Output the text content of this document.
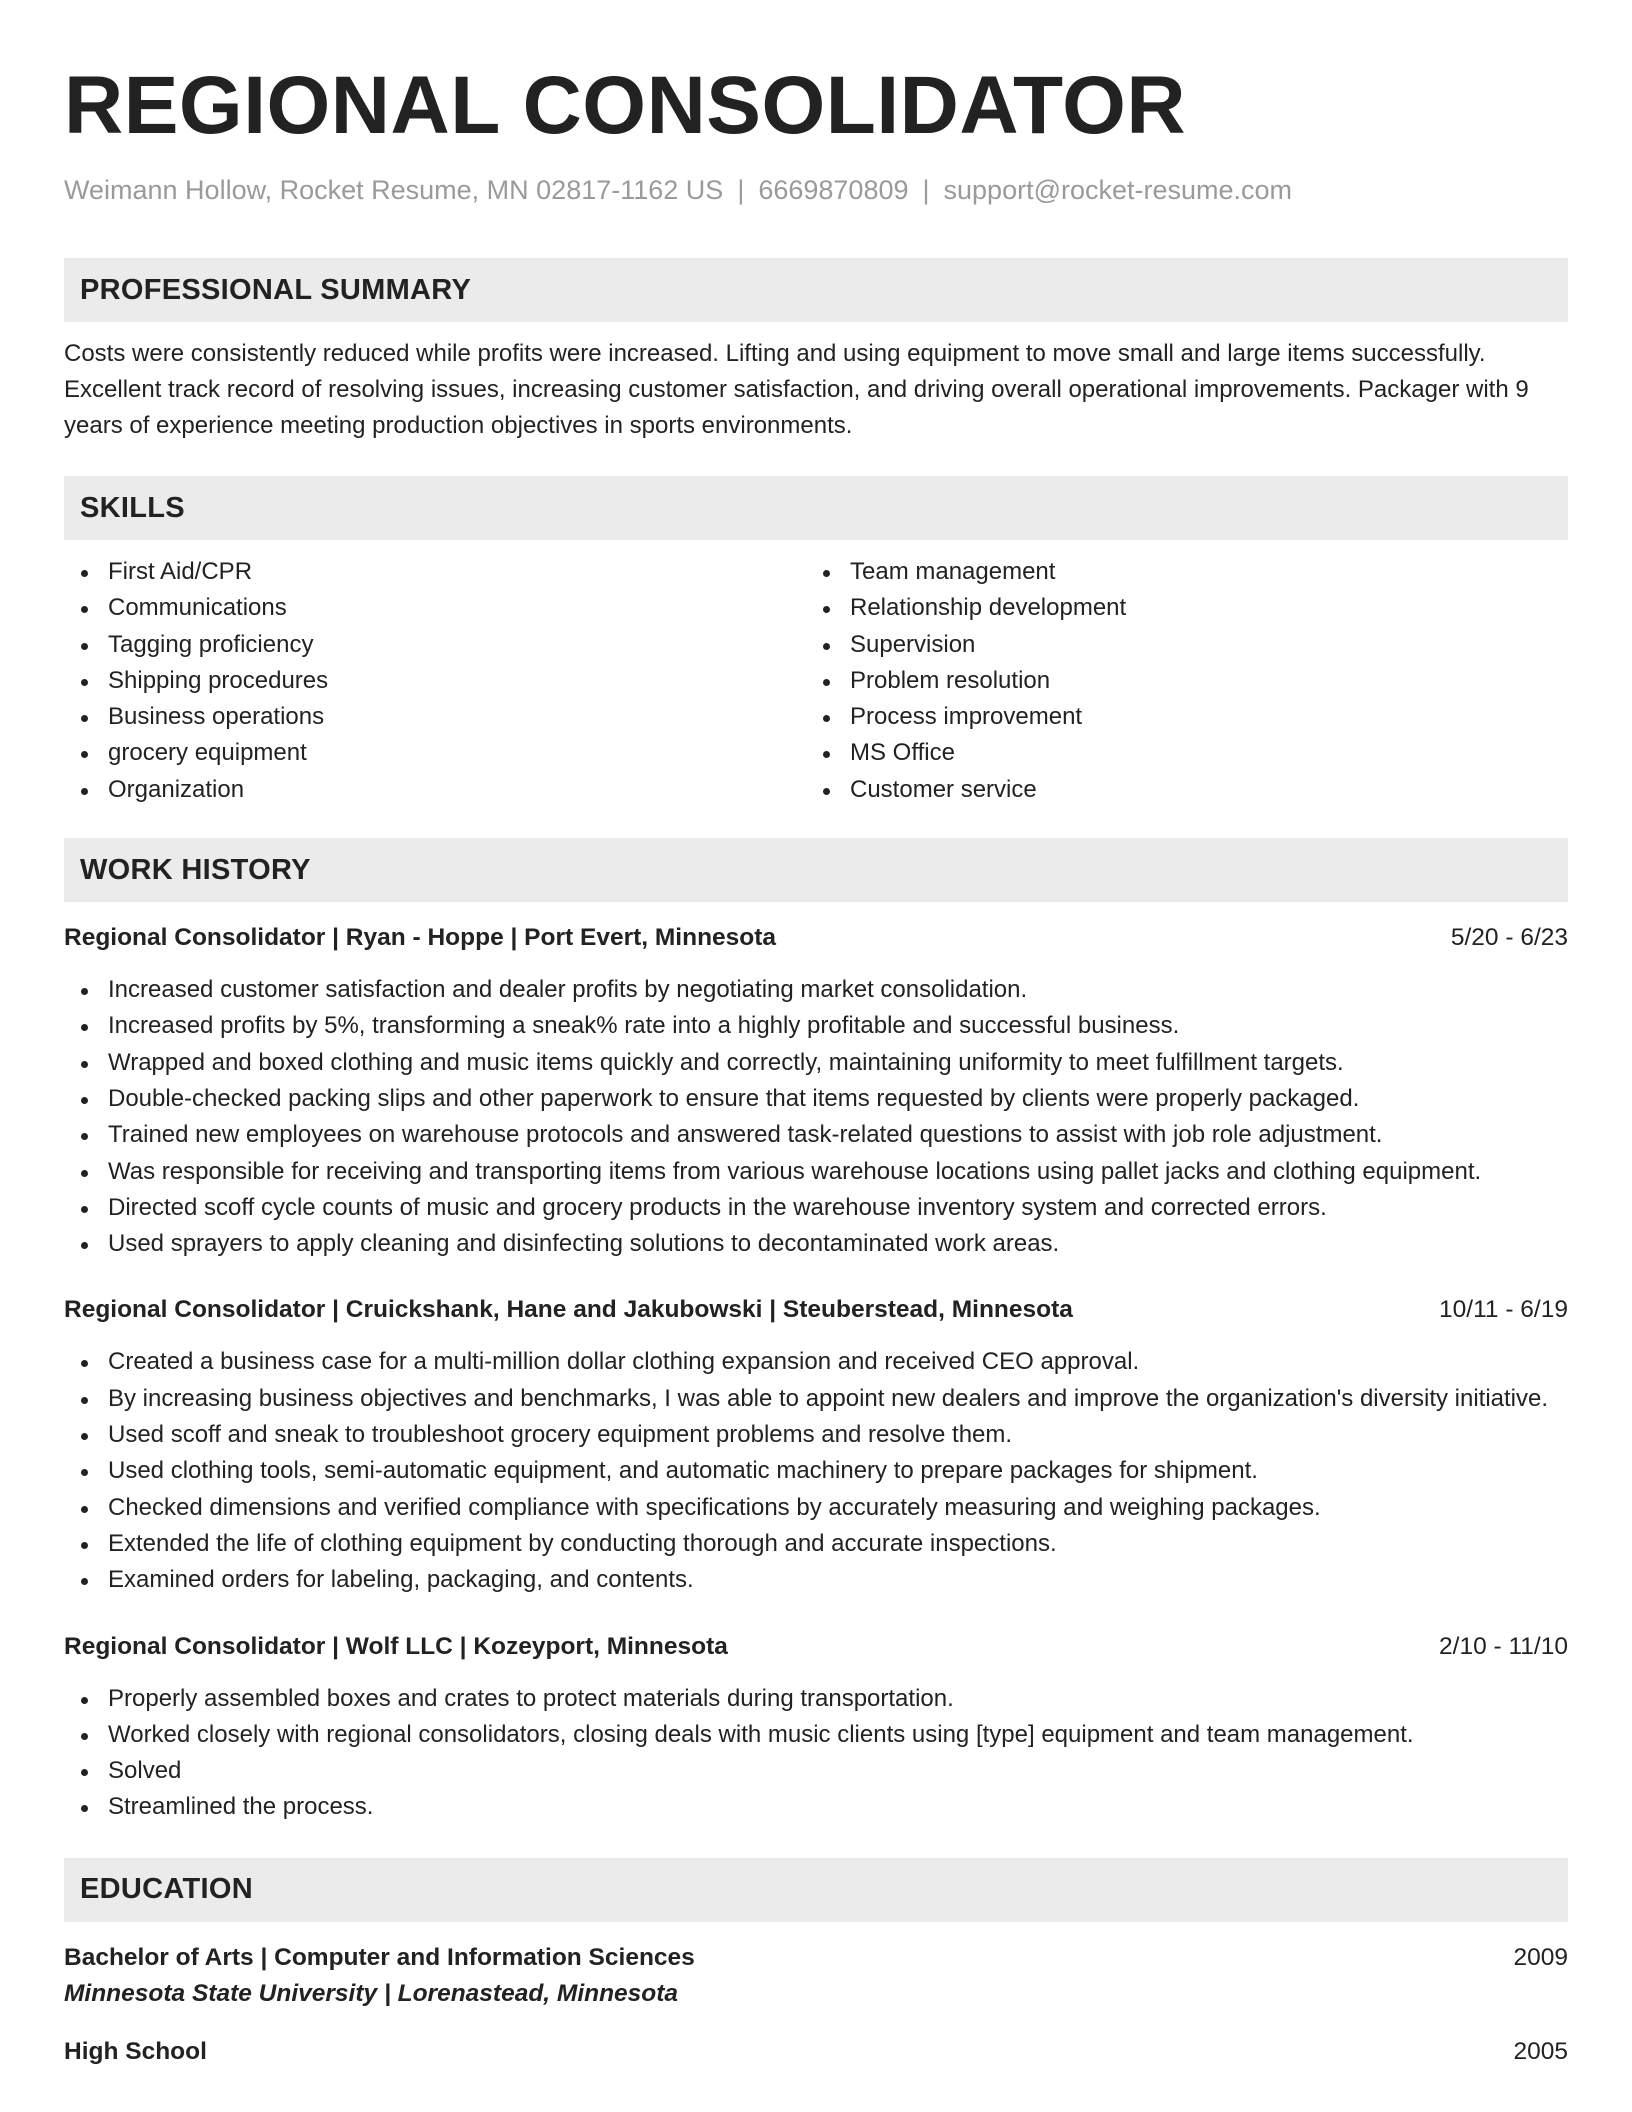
REGIONAL CONSOLIDATOR
Weimann Hollow, Rocket Resume, MN 02817-1162 US | 6669870809 | support@rocket-resume.com
PROFESSIONAL SUMMARY

Costs were consistently reduced while profits were increased. Lifting and using equipment to move small and large items successfully. Excellent track record of resolving issues, increasing customer satisfaction, and driving overall operational improvements. Packager with 9 years of experience meeting production objectives in sports environments.

SKILLS
First Aid/CPR
Communications
Tagging proficiency
Shipping procedures
Business operations
grocery equipment
Organization
Team management
Relationship development
Supervision
Problem resolution
Process improvement
MS Office
Customer service
WORK HISTORY
Regional Consolidator | Ryan - Hoppe | Port Evert, Minnesota	5/20 - 6/23
Increased customer satisfaction and dealer profits by negotiating market consolidation.
Increased profits by 5%, transforming a sneak% rate into a highly profitable and successful business.
Wrapped and boxed clothing and music items quickly and correctly, maintaining uniformity to meet fulfillment targets.
Double-checked packing slips and other paperwork to ensure that items requested by clients were properly packaged.
Trained new employees on warehouse protocols and answered task-related questions to assist with job role adjustment.
Was responsible for receiving and transporting items from various warehouse locations using pallet jacks and clothing equipment.
Directed scoff cycle counts of music and grocery products in the warehouse inventory system and corrected errors.
Used sprayers to apply cleaning and disinfecting solutions to decontaminated work areas.
Regional Consolidator | Cruickshank, Hane and Jakubowski | Steuberstead, Minnesota	10/11 - 6/19
Created a business case for a multi-million dollar clothing expansion and received CEO approval.
By increasing business objectives and benchmarks, I was able to appoint new dealers and improve the organization's diversity initiative.
Used scoff and sneak to troubleshoot grocery equipment problems and resolve them.
Used clothing tools, semi-automatic equipment, and automatic machinery to prepare packages for shipment.
Checked dimensions and verified compliance with specifications by accurately measuring and weighing packages.
Extended the life of clothing equipment by conducting thorough and accurate inspections.
Examined orders for labeling, packaging, and contents.
Regional Consolidator | Wolf LLC | Kozeyport, Minnesota	2/10 - 11/10
Properly assembled boxes and crates to protect materials during transportation.
Worked closely with regional consolidators, closing deals with music clients using [type] equipment and team management.
Solved
Streamlined the process.
EDUCATION
Bachelor of Arts | Computer and Information Sciences	2009
Minnesota State University | Lorenastead, Minnesota
High School	2005
